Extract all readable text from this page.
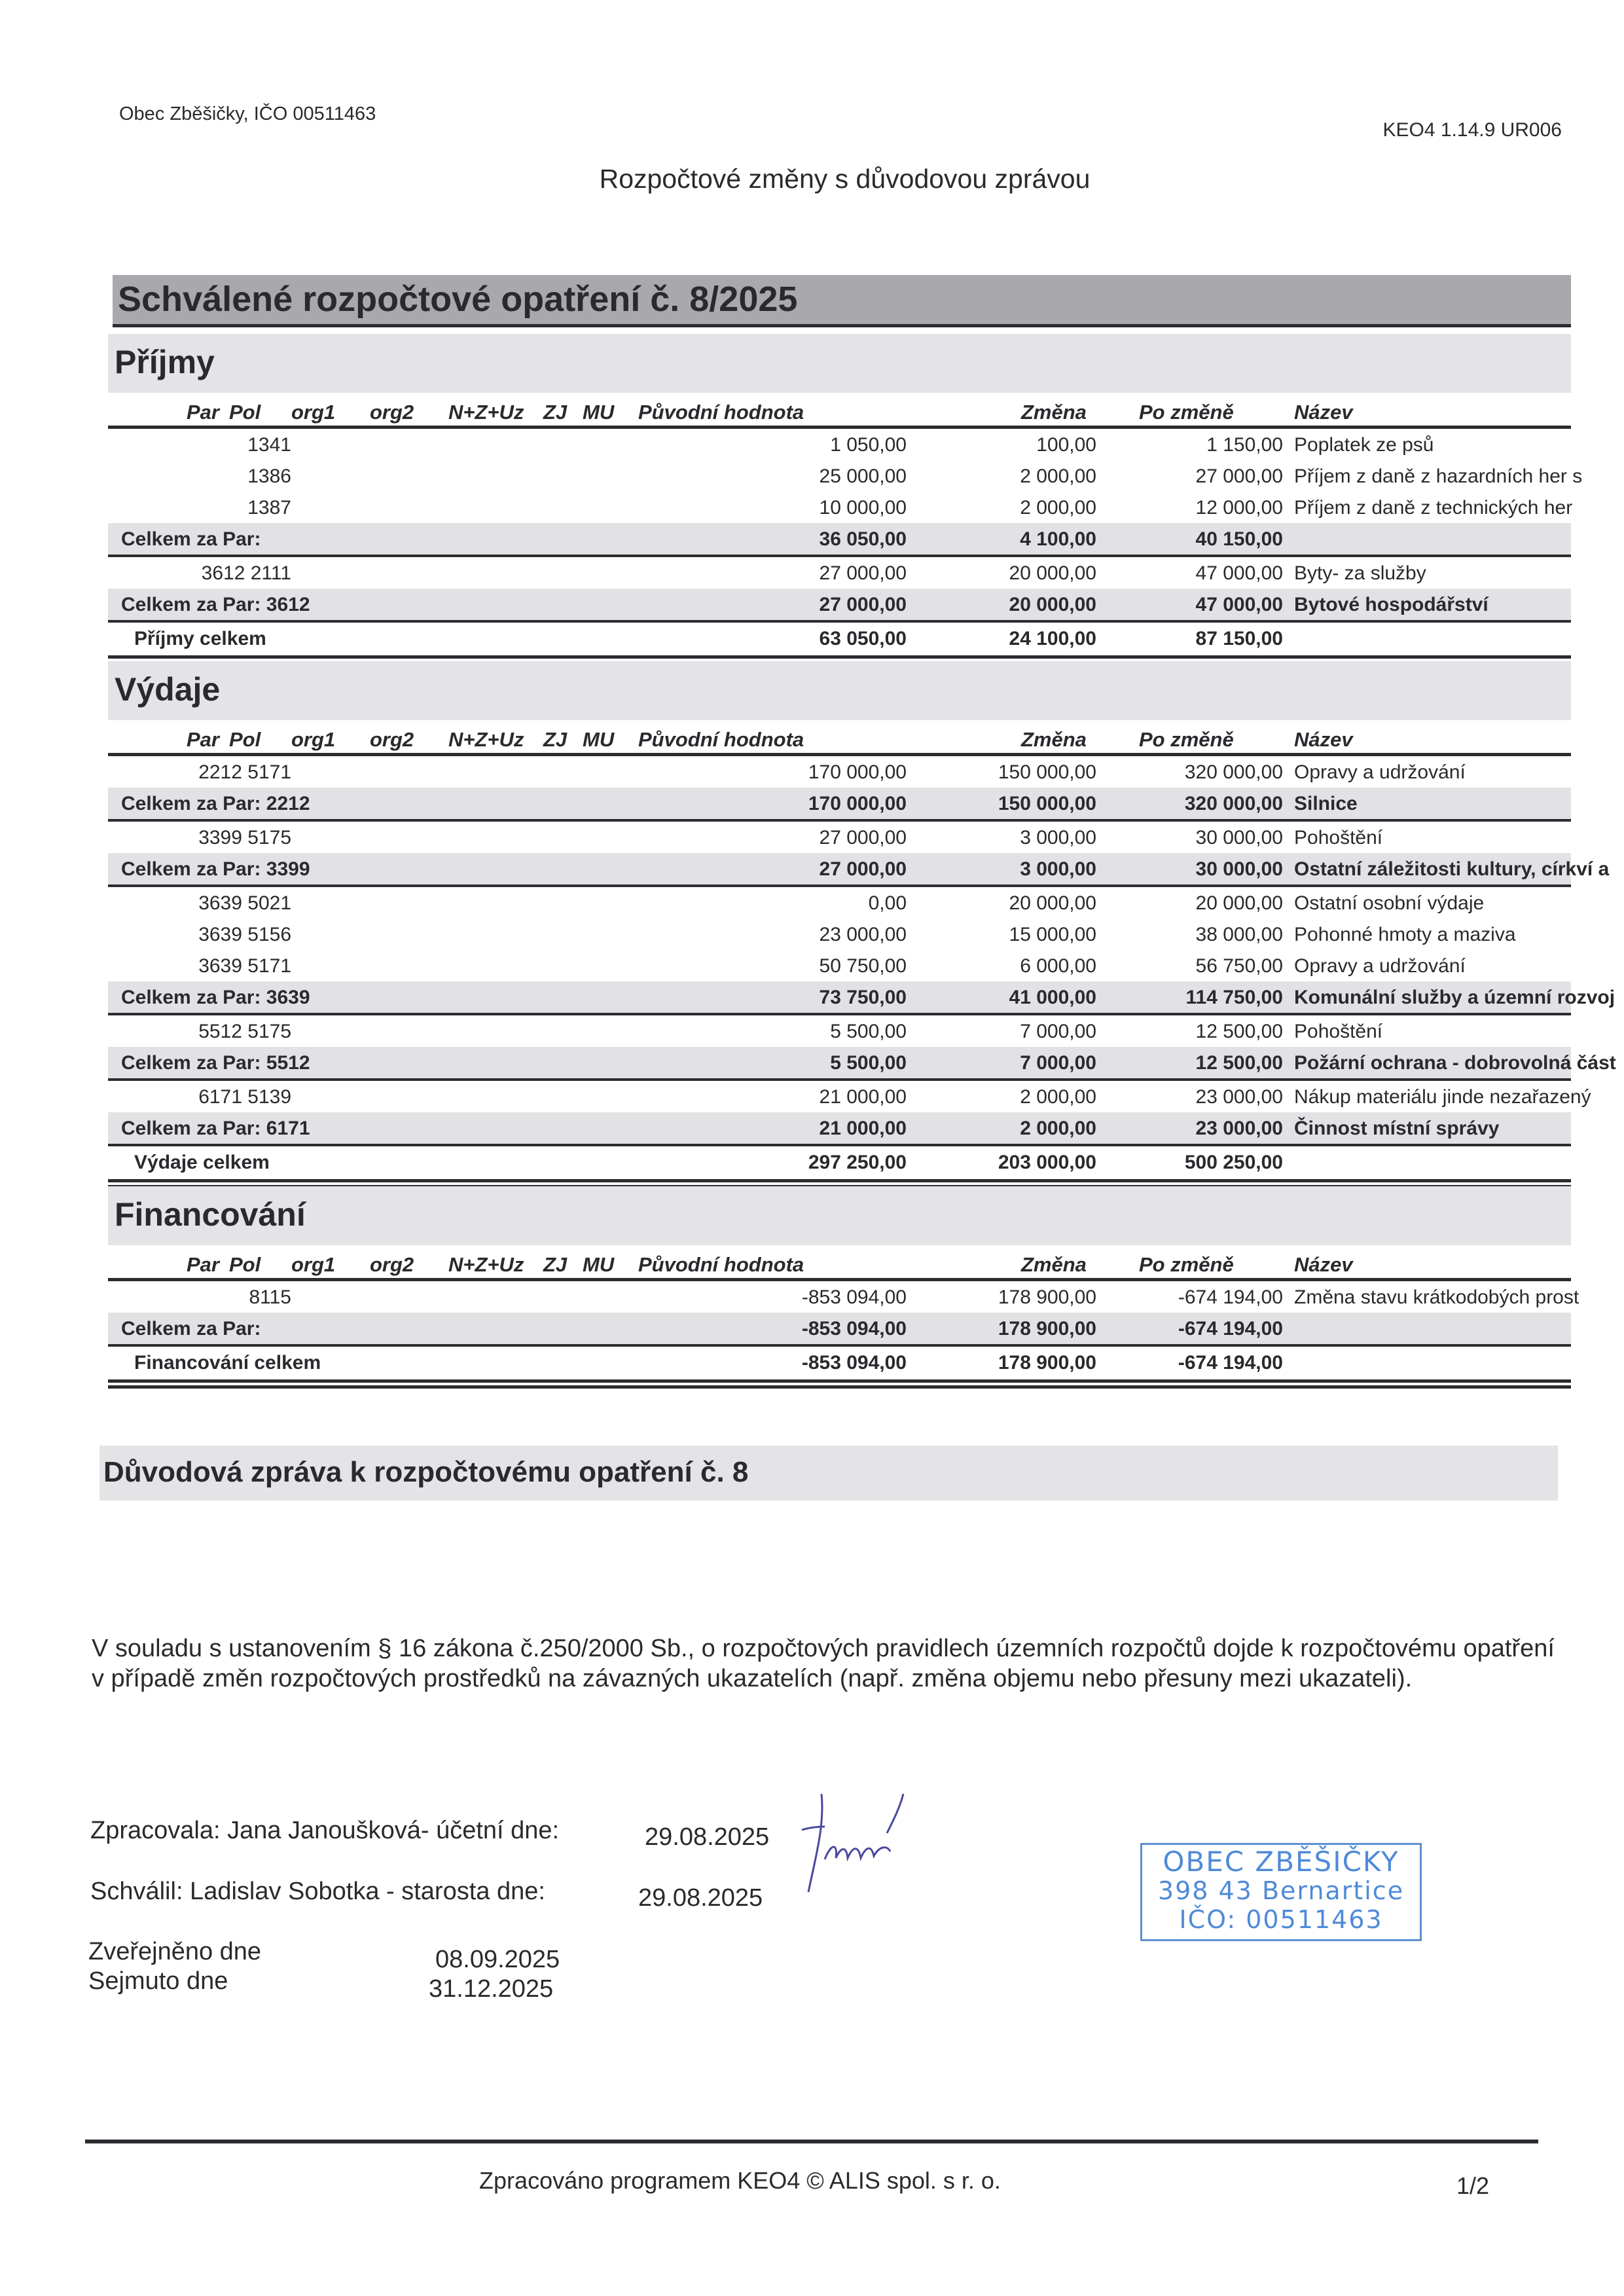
Obec Zběšičky, IČO 00511463
KEO4 1.14.9 UR006
Rozpočtové změny s důvodovou zprávou
Schválené rozpočtové opatření č. 8/2025
Příjmy
Par Pol org1 org2 N+Z+Uz ZJ MU Původní hodnota	Změna	Po změně	Název
1341	1 050,00	100,00	1 150,00 Poplatek ze psů
1386	25 000,00	2 000,00	27 000,00 Příjem z daně z hazardních her s
1387	10 000,00	2 000,00	12 000,00 Příjem z daně z technických her
Celkem za Par:	36 050,00	4 100,00	40 150,00
3612 2111	27 000,00	20 000,00	47 000,00 Byty- za služby
Celkem za Par: 3612	27 000,00	20 000,00	47 000,00 Bytové hospodářství
Příjmy celkem	63 050,00	24 100,00	87 150,00
Výdaje
Par Pol org1 org2 N+Z+Uz ZJ MU Původní hodnota	Změna	Po změně	Název
2212 5171	170 000,00	150 000,00	320 000,00 Opravy a udržování
Celkem za Par: 2212	170 000,00	150 000,00	320 000,00 Silnice
3399 5175	27 000,00	3 000,00	30 000,00 Pohoštění
Celkem za Par: 3399	27 000,00	3 000,00	30 000,00 Ostatní záležitosti kultury, církví a
3639 5021	0,00	20 000,00	20 000,00 Ostatní osobní výdaje
3639 5156	23 000,00	15 000,00	38 000,00 Pohonné hmoty a maziva
3639 5171	50 750,00	6 000,00	56 750,00 Opravy a udržování
Celkem za Par: 3639	73 750,00	41 000,00	114 750,00 Komunální služby a územní rozvoj
5512 5175	5 500,00	7 000,00	12 500,00 Pohoštění
Celkem za Par: 5512	5 500,00	7 000,00	12 500,00 Požární ochrana - dobrovolná část
6171 5139	21 000,00	2 000,00	23 000,00 Nákup materiálu jinde nezařazený
Celkem za Par: 6171	21 000,00	2 000,00	23 000,00 Činnost místní správy
Výdaje celkem	297 250,00	203 000,00	500 250,00
Financování
Par Pol org1 org2 N+Z+Uz ZJ MU Původní hodnota	Změna	Po změně	Název
8115	-853 094,00	178 900,00	-674 194,00 Změna stavu krátkodobých prost
Celkem za Par:	-853 094,00	178 900,00	-674 194,00
Financování celkem	-853 094,00	178 900,00	-674 194,00
Důvodová zpráva k rozpočtovému opatření č. 8
V souladu s ustanovením § 16 zákona č.250/2000 Sb., o rozpočtových pravidlech územních rozpočtů dojde k rozpočtovému opatření v případě změn rozpočtových prostředků na závazných ukazatelích (např. změna objemu nebo přesuny mezi ukazateli).
Zpracovala: Jana Janoušková- účetní dne:	29.08.2025
Schválil: Ladislav Sobotka - starosta dne:	29.08.2025
Zveřejněno dne	08.09.2025
Sejmuto dne	31.12.2025
OBEC ZBĚŠIČKY
398 43 Bernartice
IČO: 00511463
Zpracováno programem KEO4 © ALIS spol. s r. o.	1/2
